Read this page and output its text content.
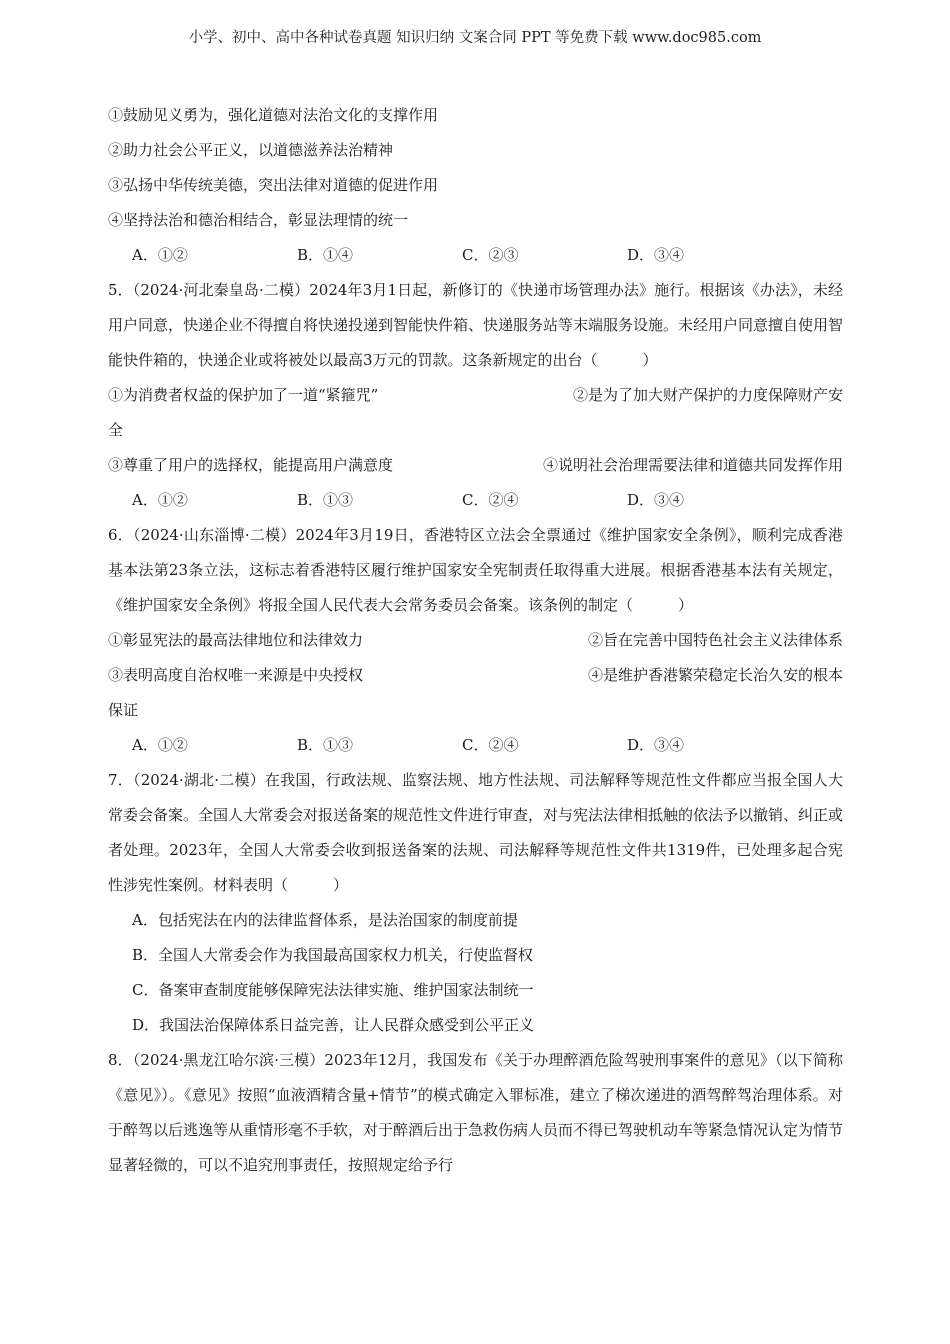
小学、初中、高中各种试卷真题 知识归纳 文案合同 PPT 等免费下载 www.doc985.com
①鼓励见义勇为，强化道德对法治文化的支撑作用
②助力社会公平正义，以道德滋养法治精神
③弘扬中华传统美德，突出法律对道德的促进作用
④坚持法治和德治相结合，彰显法理情的统一
A．①②	B．①④	C．②③	D．③④
5．（2024·河北秦皇岛·二模）2024年3月1日起，新修订的《快递市场管理办法》施行。根据该《办法》，未经用户同意，快递企业不得擅自将快递投递到智能快件箱、快递服务站等末端服务设施。未经用户同意擅自使用智能快件箱的，快递企业或将被处以最高3万元的罚款。这条新规定的出台（　　　）
①为消费者权益的保护加了一道“紧箍咒”	②是为了加大财产保护的力度保障财产安
全
③尊重了用户的选择权，能提高用户满意度	④说明社会治理需要法律和道德共同发挥作用
A．①②	B．①③	C．②④	D．③④
6．（2024·山东淄博·二模）2024年3月19日，香港特区立法会全票通过《维护国家安全条例》，顺利完成香港基本法第23条立法，这标志着香港特区履行维护国家安全宪制责任取得重大进展。根据香港基本法有关规定，《维护国家安全条例》将报全国人民代表大会常务委员会备案。该条例的制定（　　　）
①彰显宪法的最高法律地位和法律效力	②旨在完善中国特色社会主义法律体系
③表明高度自治权唯一来源是中央授权	④是维护香港繁荣稳定长治久安的根本
保证
A．①②	B．①③	C．②④	D．③④
7．（2024·湖北·二模）在我国，行政法规、监察法规、地方性法规、司法解释等规范性文件都应当报全国人大常委会备案。全国人大常委会对报送备案的规范性文件进行审查，对与宪法法律相抵触的依法予以撤销、纠正或者处理。2023年，全国人大常委会收到报送备案的法规、司法解释等规范性文件共1319件，已处理多起合宪性涉宪性案例。材料表明（　　　）
A．包括宪法在内的法律监督体系，是法治国家的制度前提
B．全国人大常委会作为我国最高国家权力机关，行使监督权
C．备案审查制度能够保障宪法法律实施、维护国家法制统一
D．我国法治保障体系日益完善，让人民群众感受到公平正义
8．（2024·黑龙江哈尔滨·三模）2023年12月，我国发布《关于办理醉酒危险驾驶刑事案件的意见》（以下简称《意见》）。《意见》按照“血液酒精含量+情节”的模式确定入罪标准，建立了梯次递进的酒驾醉驾治理体系。对于醉驾以后逃逸等从重情形毫不手软，对于醉酒后出于急救伤病人员而不得已驾驶机动车等紧急情况认定为情节显著轻微的，可以不追究刑事责任，按照规定给予行
